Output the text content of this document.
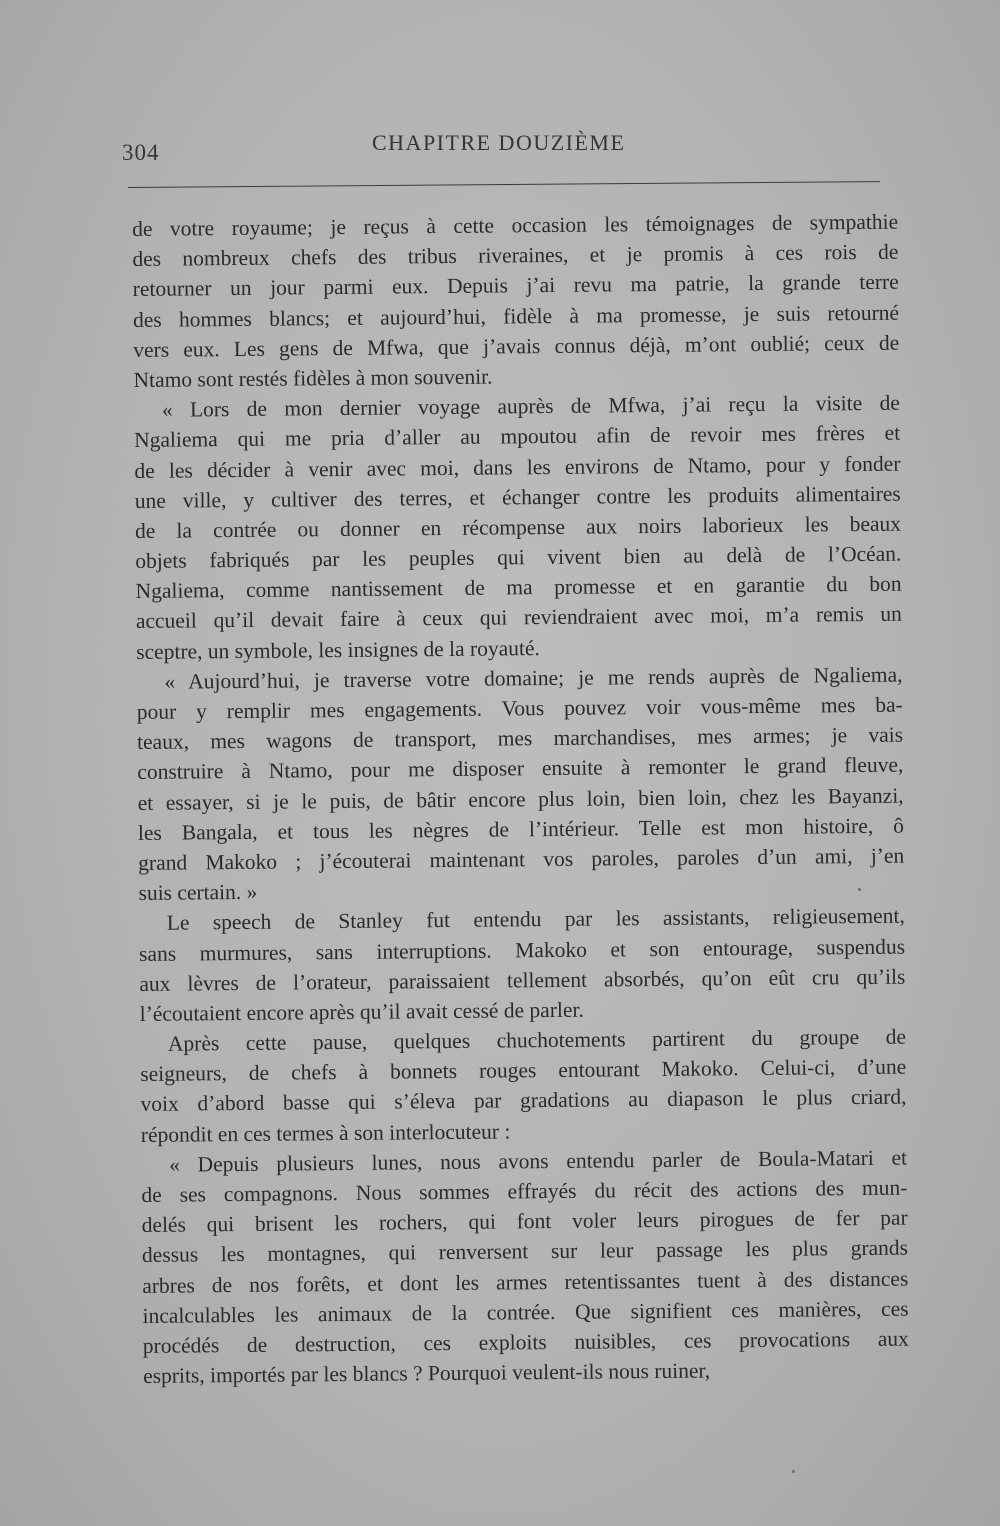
304	CHAPITRE DOUZIÈME
de votre royaume; je reçus à cette occasion les témoignages de sympathie
des nombreux chefs des tribus riveraines, et je promis à ces rois de
retourner un jour parmi eux. Depuis j’ai revu ma patrie, la grande terre
des hommes blancs; et aujourd’hui, fidèle à ma promesse, je suis retourné
vers eux. Les gens de Mfwa, que j’avais connus déjà, m’ont oublié; ceux de
Ntamo sont restés fidèles à mon souvenir.
« Lors de mon dernier voyage auprès de Mfwa, j’ai reçu la visite de
Ngaliema qui me pria d’aller au mpoutou afin de revoir mes frères et
de les décider à venir avec moi, dans les environs de Ntamo, pour y fonder
une ville, y cultiver des terres, et échanger contre les produits alimentaires
de la contrée ou donner en récompense aux noirs laborieux les beaux
objets fabriqués par les peuples qui vivent bien au delà de l’Océan.
Ngaliema, comme nantissement de ma promesse et en garantie du bon
accueil qu’il devait faire à ceux qui reviendraient avec moi, m’a remis un
sceptre, un symbole, les insignes de la royauté.
« Aujourd’hui, je traverse votre domaine; je me rends auprès de Ngaliema,
pour y remplir mes engagements. Vous pouvez voir vous-même mes ba-
teaux, mes wagons de transport, mes marchandises, mes armes; je vais
construire à Ntamo, pour me disposer ensuite à remonter le grand fleuve,
et essayer, si je le puis, de bâtir encore plus loin, bien loin, chez les Bayanzi,
les Bangala, et tous les nègres de l’intérieur. Telle est mon histoire, ô
grand Makoko ; j’écouterai maintenant vos paroles, paroles d’un ami, j’en
suis certain. »
Le speech de Stanley fut entendu par les assistants, religieusement,
sans murmures, sans interruptions. Makoko et son entourage, suspendus
aux lèvres de l’orateur, paraissaient tellement absorbés, qu’on eût cru qu’ils
l’écoutaient encore après qu’il avait cessé de parler.
Après cette pause, quelques chuchotements partirent du groupe de
seigneurs, de chefs à bonnets rouges entourant Makoko. Celui-ci, d’une
voix d’abord basse qui s’éleva par gradations au diapason le plus criard,
répondit en ces termes à son interlocuteur :
« Depuis plusieurs lunes, nous avons entendu parler de Boula-Matari et
de ses compagnons. Nous sommes effrayés du récit des actions des mun-
delés qui brisent les rochers, qui font voler leurs pirogues de fer par
dessus les montagnes, qui renversent sur leur passage les plus grands
arbres de nos forêts, et dont les armes retentissantes tuent à des distances
incalculables les animaux de la contrée. Que signifient ces manières, ces
procédés de destruction, ces exploits nuisibles, ces provocations aux
esprits, importés par les blancs ? Pourquoi veulent-ils nous ruiner,
